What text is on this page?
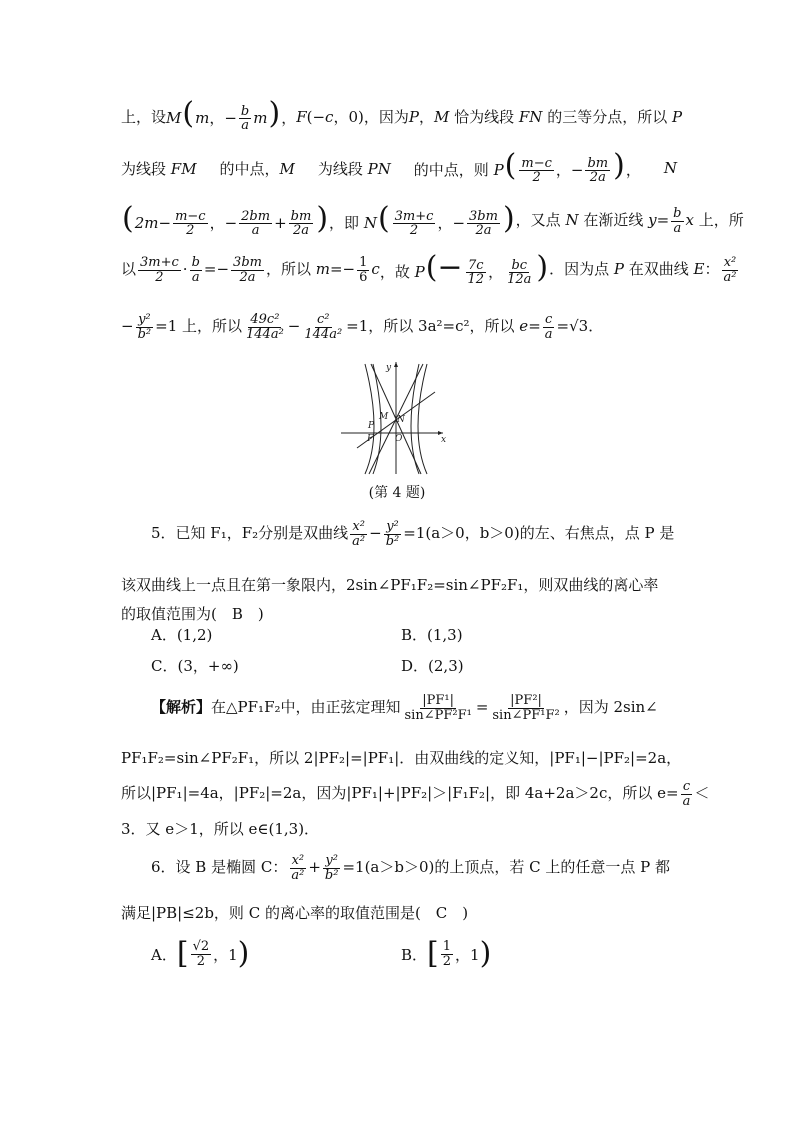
上，设 M(m，− $\frac{b}{a} m$)， F(−c，0)，因为 P，M 恰为线段 FN 的三等分点，所以 P
为线段 FM 的中点，M 为线段 PN 的中点，则 $P( \frac{m-c}{2}$ ，− $\frac{bm}{2a}$ )， N
($2m- \frac{m-c}{2}$ ，− $\frac{2bm}{a} + \frac{bm}{2a}$ ) ，即 $N( \frac{3m+c}{2}$ ，− $\frac{3bm}{2a}$ ) ，又点 N 在渐近线 $y= \frac{b}{a}$ x 上，所
以 $\frac{3m+c}{2} \cdot \frac{b}{a} =- \frac{3bm}{2a}$ ，所以 $m=- \frac{1}{6}$ c ，故 $P(- \frac{7c}{12}$ ， $\frac{bc}{12a}$ ) ．因为点 P 在双曲线 E： $\frac{\text{x²}}{\text{a²}}$
− $\frac{\text{y²}}{\text{b²}} =1$ 上，所以 $\frac{\text{49c²}}{\text{144a²}} - \frac{\text{c²}}{\text{144a²}} =1$，所以 3a²=c²，所以 $e= \frac{c}{a} =√3$．
y
x
M N
P
F O
(第 4 题)
5．已知 F₁，F₂分别是双曲线 $\frac{\text{x²}}{\text{a²}} - \frac{\text{y²}}{\text{b²}} =1(a>0$，b＞0)的左、右焦点，点 P 是
该双曲线上一点且在第一象限内，2sin∠PF₁F₂=sin∠PF₂F₁，则双曲线的离心率
的取值范围为(　B　)
A．(1,2)	B．(1,3)
C．(3，+∞)	D．(2,3)
【解析】在△PF₁F₂中，由正弦定理知 $\frac{\text{|PF¹|}}{\text{sin∠PF²F¹}} = \frac{\text{|PF²|}}{\text{sin∠PF¹F²}}$ ，因为 2sin∠
PF₁F₂=sin∠PF₂F₁，所以 2|PF₂|=|PF₁|．由双曲线的定义知，|PF₁|−|PF₂|=2a，
所以|PF₁|=4a，|PF₂|=2a，因为|PF₁|+|PF₂|＞|F₁F₂|，即 4a+2a＞2c，所以 $e= \frac{c}{a}$ ＜
3．又 e＞1，所以 e∈(1,3)．
6．设 B 是椭圆 C： $\frac{\text{x²}}{\text{a²}} + \frac{\text{y²}}{\text{b²}} =1(a>b>0)$的上顶点，若 C 上的任意一点 P 都
满足|PB|≤2b，则 C 的离心率的取值范围是(　C　)
A． [ $\frac{√2}{2}$ ，1 )	B． [ $\frac{1}{2}$ ，1 )
